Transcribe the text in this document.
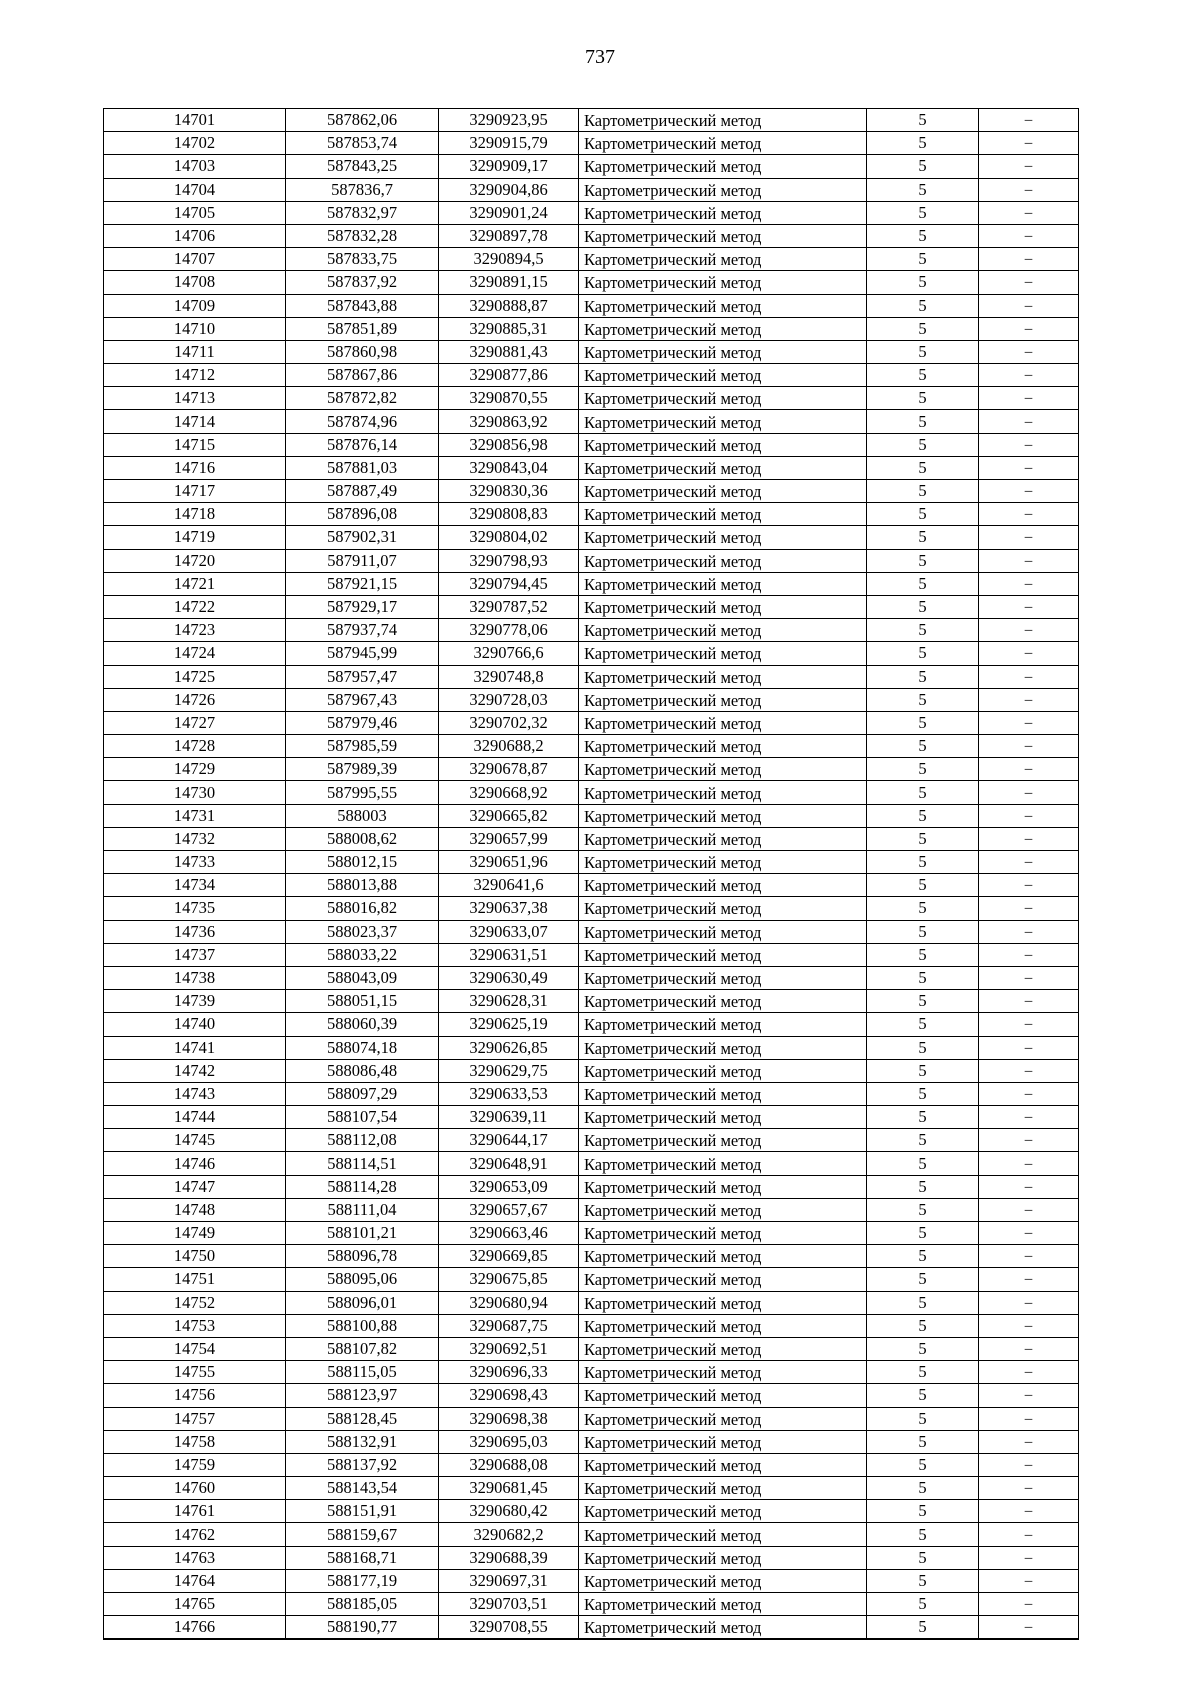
737
14701	587862,06	3290923,95	Картометрический метод	5	–
14702	587853,74	3290915,79	Картометрический метод	5	–
14703	587843,25	3290909,17	Картометрический метод	5	–
14704	587836,7	3290904,86	Картометрический метод	5	–
14705	587832,97	3290901,24	Картометрический метод	5	–
14706	587832,28	3290897,78	Картометрический метод	5	–
14707	587833,75	3290894,5	Картометрический метод	5	–
14708	587837,92	3290891,15	Картометрический метод	5	–
14709	587843,88	3290888,87	Картометрический метод	5	–
14710	587851,89	3290885,31	Картометрический метод	5	–
14711	587860,98	3290881,43	Картометрический метод	5	–
14712	587867,86	3290877,86	Картометрический метод	5	–
14713	587872,82	3290870,55	Картометрический метод	5	–
14714	587874,96	3290863,92	Картометрический метод	5	–
14715	587876,14	3290856,98	Картометрический метод	5	–
14716	587881,03	3290843,04	Картометрический метод	5	–
14717	587887,49	3290830,36	Картометрический метод	5	–
14718	587896,08	3290808,83	Картометрический метод	5	–
14719	587902,31	3290804,02	Картометрический метод	5	–
14720	587911,07	3290798,93	Картометрический метод	5	–
14721	587921,15	3290794,45	Картометрический метод	5	–
14722	587929,17	3290787,52	Картометрический метод	5	–
14723	587937,74	3290778,06	Картометрический метод	5	–
14724	587945,99	3290766,6	Картометрический метод	5	–
14725	587957,47	3290748,8	Картометрический метод	5	–
14726	587967,43	3290728,03	Картометрический метод	5	–
14727	587979,46	3290702,32	Картометрический метод	5	–
14728	587985,59	3290688,2	Картометрический метод	5	–
14729	587989,39	3290678,87	Картометрический метод	5	–
14730	587995,55	3290668,92	Картометрический метод	5	–
14731	588003	3290665,82	Картометрический метод	5	–
14732	588008,62	3290657,99	Картометрический метод	5	–
14733	588012,15	3290651,96	Картометрический метод	5	–
14734	588013,88	3290641,6	Картометрический метод	5	–
14735	588016,82	3290637,38	Картометрический метод	5	–
14736	588023,37	3290633,07	Картометрический метод	5	–
14737	588033,22	3290631,51	Картометрический метод	5	–
14738	588043,09	3290630,49	Картометрический метод	5	–
14739	588051,15	3290628,31	Картометрический метод	5	–
14740	588060,39	3290625,19	Картометрический метод	5	–
14741	588074,18	3290626,85	Картометрический метод	5	–
14742	588086,48	3290629,75	Картометрический метод	5	–
14743	588097,29	3290633,53	Картометрический метод	5	–
14744	588107,54	3290639,11	Картометрический метод	5	–
14745	588112,08	3290644,17	Картометрический метод	5	–
14746	588114,51	3290648,91	Картометрический метод	5	–
14747	588114,28	3290653,09	Картометрический метод	5	–
14748	588111,04	3290657,67	Картометрический метод	5	–
14749	588101,21	3290663,46	Картометрический метод	5	–
14750	588096,78	3290669,85	Картометрический метод	5	–
14751	588095,06	3290675,85	Картометрический метод	5	–
14752	588096,01	3290680,94	Картометрический метод	5	–
14753	588100,88	3290687,75	Картометрический метод	5	–
14754	588107,82	3290692,51	Картометрический метод	5	–
14755	588115,05	3290696,33	Картометрический метод	5	–
14756	588123,97	3290698,43	Картометрический метод	5	–
14757	588128,45	3290698,38	Картометрический метод	5	–
14758	588132,91	3290695,03	Картометрический метод	5	–
14759	588137,92	3290688,08	Картометрический метод	5	–
14760	588143,54	3290681,45	Картометрический метод	5	–
14761	588151,91	3290680,42	Картометрический метод	5	–
14762	588159,67	3290682,2	Картометрический метод	5	–
14763	588168,71	3290688,39	Картометрический метод	5	–
14764	588177,19	3290697,31	Картометрический метод	5	–
14765	588185,05	3290703,51	Картометрический метод	5	–
14766	588190,77	3290708,55	Картометрический метод	5	–
